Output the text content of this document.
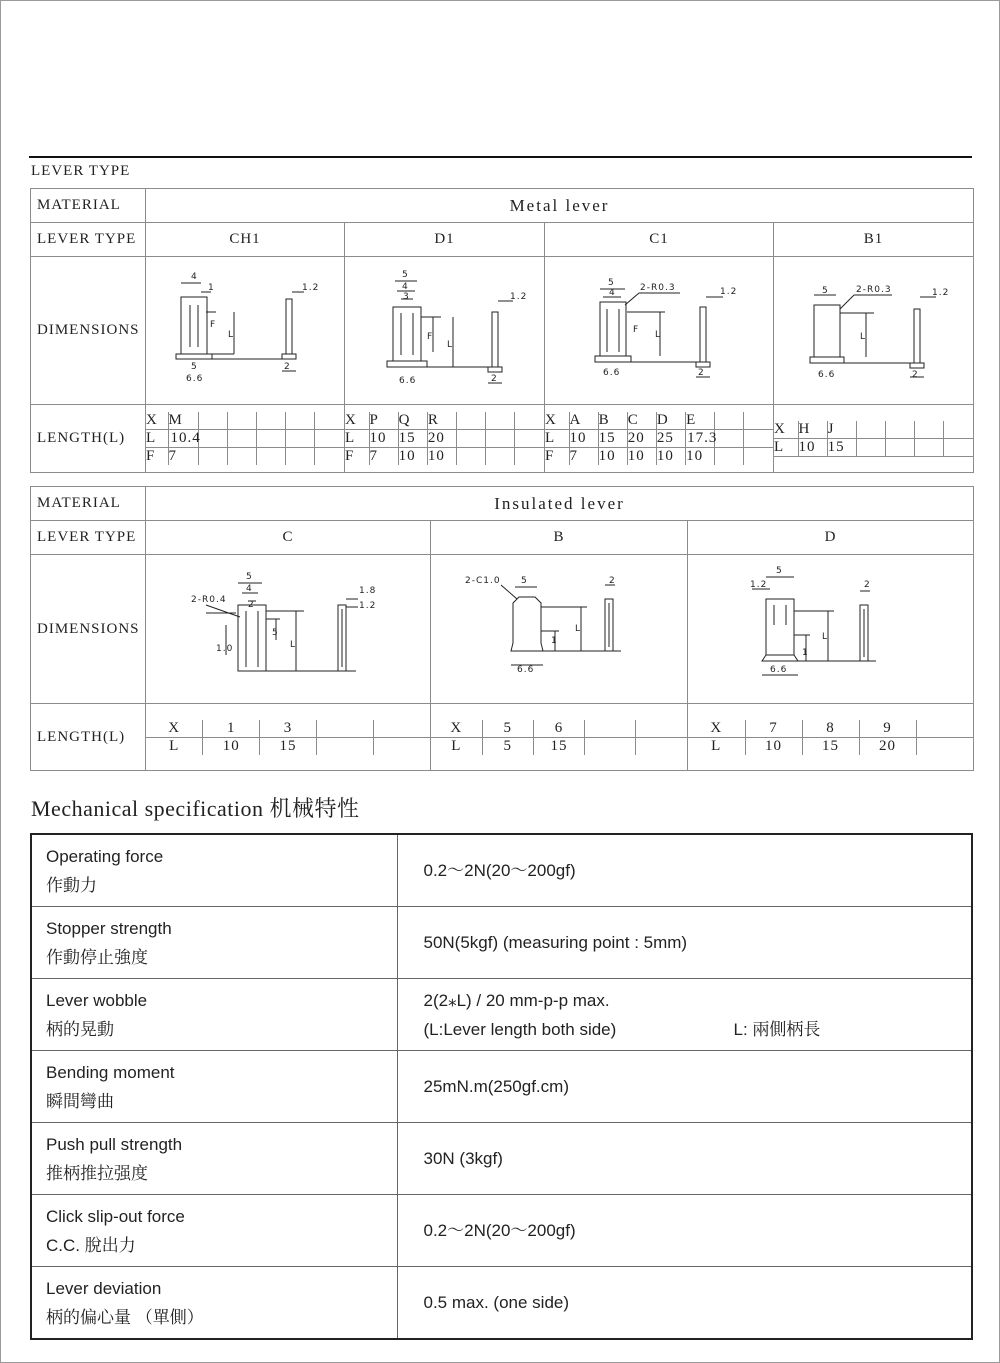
LEVER TYPE
MATERIAL	Metal lever
LEVER TYPE	CH1	D1	C1	B1
DIMENSIONS	
4
1	1.2
F
L
5
6.6
2

5
4
3	1.2
F
L
6.6	2

5
4	2-R0.3	1.2
F L
6.6	2

5	2-R0.3	1.2
L
6.6	2

LENGTH(L)	
X	M					
L	10.4					
F	7					

X	P	Q	R			
L	10	15	20			
F	7	10	10			

X	A	B	C	D	E		
L	10	15	20	25	17.3		
F	7	10	10	10	10		

X	H	J				
L	10	15				

MATERIAL	Insulated lever
LEVER TYPE	C	B	D
DIMENSIONS	
5
4
2-R0.4 2
1.0
5
L
1.8
1.2

2-C1.0 5	2
1
L
6.6

5
1.2	2
1
L
6.6

LENGTH(L)	
X	1	3		
L	10	15		

X	5	6		
L	5	15		

X	7	8	9	
L	10	15	20	
Mechanical specification 机械特性
Operating force
作動力	0.2～2N(20～200gf)

Stopper strength
作動停止強度	50N(5kgf) (measuring point : 5mm)

Lever wobble
柄的晃動	2(2⁎L) / 20 mm-p-p max.
(L:Lever length both side) L: 兩側柄長

Bending moment
瞬間彎曲	25mN.m(250gf.cm)

Push pull strength
推柄推拉强度	30N (3kgf)

Click slip-out force
C.C. 脫出力	0.2～2N(20～200gf)

Lever deviation
柄的偏心量 （單側）	0.5 max. (one side)
